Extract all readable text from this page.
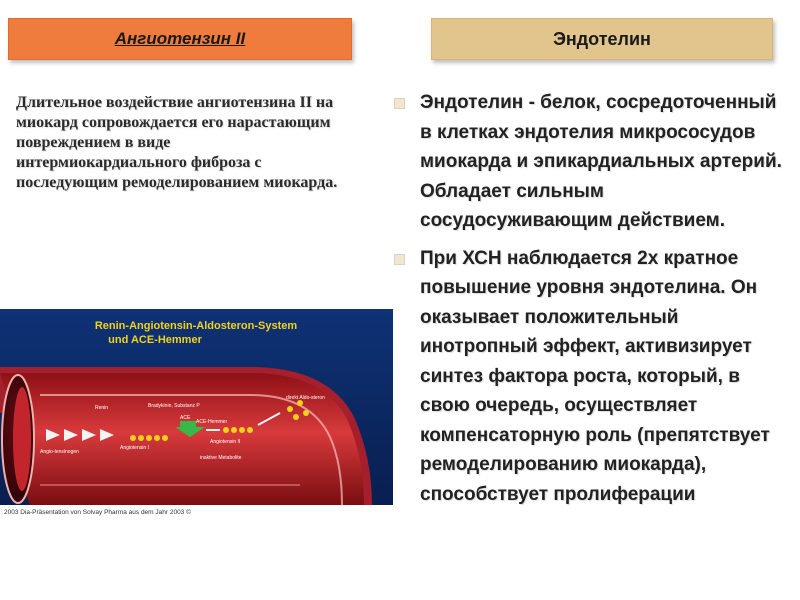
Ангиотензин II	Эндотелин
Длительное воздействие ангиотензина II на миокард сопровождается его нарастающим повреждением в виде интермиокардиального фиброза с последующим ремоделированием миокарда.
Эндотелин - белок, сосредоточенный в клетках эндотелия микрососудов миокарда и эпикардиальных артерий. Обладает сильным сосудосуживающим действием.
При ХСН наблюдается 2х кратное повышение уровня эндотелина. Он оказывает положительный инотропный эффект, активизирует синтез фактора роста, который, в свою очередь, осуществляет компенсаторную роль (препятствует ремоделированию миокарда), способствует пролиферации
Renin-Angiotensin-Aldosteron-System
und ACE-Hemmer
Renin	Bradykinin, Substanz P
ACE
ACE-Hemmer
Angiotensin I
Angiotensin II
Angio-tensinogen
direkt Aldo-steron
inaktive Metabolite
2003 Dia-Präsentation von Solvay Pharma aus dem Jahr 2003 ©
